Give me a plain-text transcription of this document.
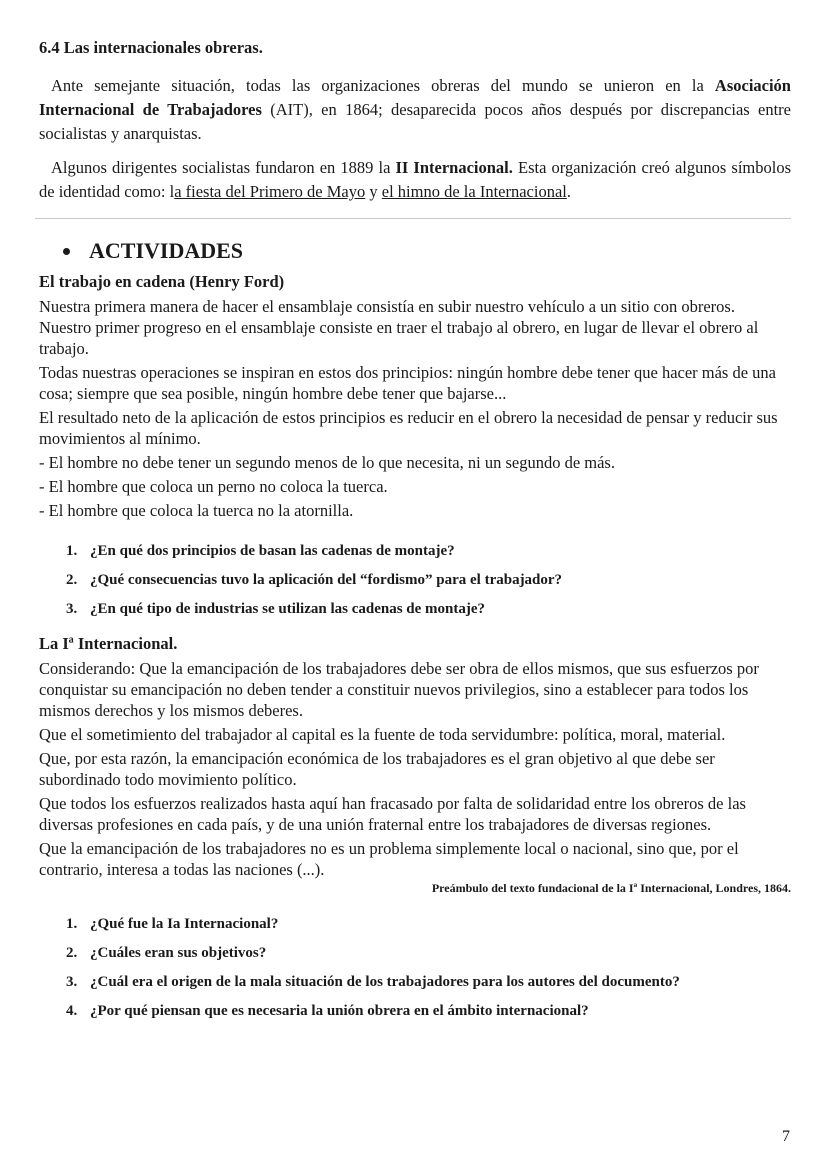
6.4 Las internacionales obreras.

Ante semejante situación, todas las organizaciones obreras del mundo se unieron en la Asociación Internacional de Trabajadores (AIT), en 1864; desaparecida pocos años después por discrepancias entre socialistas y anarquistas.

Algunos dirigentes socialistas fundaron en 1889 la II Internacional. Esta organización creó algunos símbolos de identidad como: la fiesta del Primero de Mayo y el himno de la Internacional.

ACTIVIDADES
El trabajo en cadena (Henry Ford)

Nuestra primera manera de hacer el ensamblaje consistía en subir nuestro vehículo a un sitio con obreros. Nuestro primer progreso en el ensamblaje consiste en traer el trabajo al obrero, en lugar de llevar el obrero al trabajo.

Todas nuestras operaciones se inspiran en estos dos principios: ningún hombre debe tener que hacer más de una cosa; siempre que sea posible, ningún hombre debe tener que bajarse...

El resultado neto de la aplicación de estos principios es reducir en el obrero la necesidad de pensar y reducir sus movimientos al mínimo.

- El hombre no debe tener un segundo menos de lo que necesita, ni un segundo de más.

- El hombre que coloca un perno no coloca la tuerca.

- El hombre que coloca la tuerca no la atornilla.

1. ¿En qué dos principios de basan las cadenas de montaje?
2. ¿Qué consecuencias tuvo la aplicación del “fordismo” para el trabajador?
3. ¿En qué tipo de industrias se utilizan las cadenas de montaje?
La Iª Internacional.

Considerando: Que la emancipación de los trabajadores debe ser obra de ellos mismos, que sus esfuerzos por conquistar su emancipación no deben tender a constituir nuevos privilegios, sino a establecer para todos los mismos derechos y los mismos deberes.

Que el sometimiento del trabajador al capital es la fuente de toda servidumbre: política, moral, material.

Que, por esta razón, la emancipación económica de los trabajadores es el gran objetivo al que debe ser subordinado todo movimiento político.

Que todos los esfuerzos realizados hasta aquí han fracasado por falta de solidaridad entre los obreros de las diversas profesiones en cada país, y de una unión fraternal entre los trabajadores de diversas regiones.

Que la emancipación de los trabajadores no es un problema simplemente local o nacional, sino que, por el contrario, interesa a todas las naciones (...).

Preámbulo del texto fundacional de la Iª Internacional, Londres, 1864.
1. ¿Qué fue la Ia Internacional?
2. ¿Cuáles eran sus objetivos?
3. ¿Cuál era el origen de la mala situación de los trabajadores para los autores del documento?
4. ¿Por qué piensan que es necesaria la unión obrera en el ámbito internacional?
7
